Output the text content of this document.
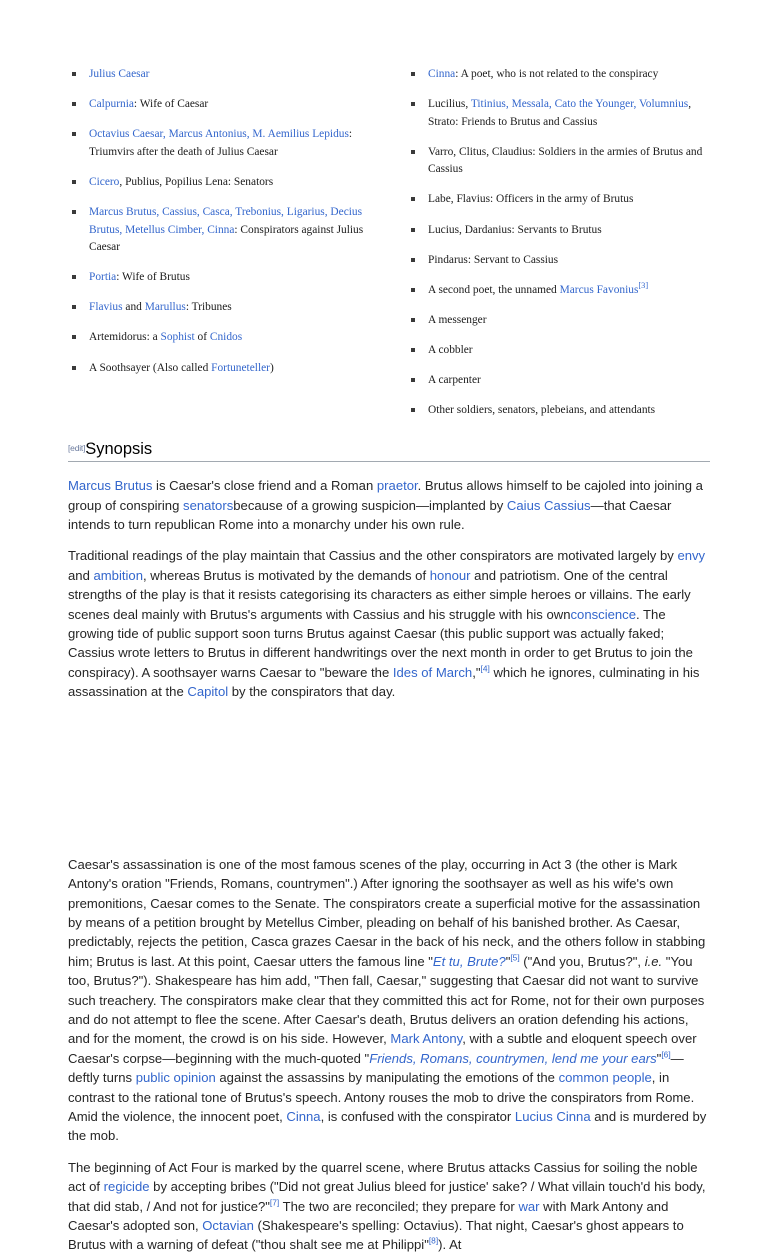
Julius Caesar
Calpurnia: Wife of Caesar
Octavius Caesar, Marcus Antonius, M. Aemilius Lepidus: Triumvirs after the death of Julius Caesar
Cicero, Publius, Popilius Lena: Senators
Marcus Brutus, Cassius, Casca, Trebonius, Ligarius, Decius Brutus, Metellus Cimber, Cinna: Conspirators against Julius Caesar
Portia: Wife of Brutus
Flavius and Marullus: Tribunes
Artemidorus: a Sophist of Cnidos
A Soothsayer (Also called Fortuneteller)
Cinna: A poet, who is not related to the conspiracy
Lucilius, Titinius, Messala, Cato the Younger, Volumnius, Strato: Friends to Brutus and Cassius
Varro, Clitus, Claudius: Soldiers in the armies of Brutus and Cassius
Labe, Flavius: Officers in the army of Brutus
Lucius, Dardanius: Servants to Brutus
Pindarus: Servant to Cassius
A second poet, the unnamed Marcus Favonius[3]
A messenger
A cobbler
A carpenter
Other soldiers, senators, plebeians, and attendants
[edit]Synopsis

Marcus Brutus is Caesar's close friend and a Roman praetor. Brutus allows himself to be cajoled into joining a group of conspiring senatorsbecause of a growing suspicion—implanted by Caius Cassius—that Caesar intends to turn republican Rome into a monarchy under his own rule.

Traditional readings of the play maintain that Cassius and the other conspirators are motivated largely by envy and ambition, whereas Brutus is motivated by the demands of honour and patriotism. One of the central strengths of the play is that it resists categorising its characters as either simple heroes or villains. The early scenes deal mainly with Brutus's arguments with Cassius and his struggle with his ownconscience. The growing tide of public support soon turns Brutus against Caesar (this public support was actually faked; Cassius wrote letters to Brutus in different handwritings over the next month in order to get Brutus to join the conspiracy). A soothsayer warns Caesar to "beware the Ides of March,"[4] which he ignores, culminating in his assassination at the Capitol by the conspirators that day.

Caesar's assassination is one of the most famous scenes of the play, occurring in Act 3 (the other is Mark Antony's oration "Friends, Romans, countrymen".) After ignoring the soothsayer as well as his wife's own premonitions, Caesar comes to the Senate. The conspirators create a superficial motive for the assassination by means of a petition brought by Metellus Cimber, pleading on behalf of his banished brother. As Caesar, predictably, rejects the petition, Casca grazes Caesar in the back of his neck, and the others follow in stabbing him; Brutus is last. At this point, Caesar utters the famous line "Et tu, Brute?"[5] ("And you, Brutus?", i.e. "You too, Brutus?"). Shakespeare has him add, "Then fall, Caesar," suggesting that Caesar did not want to survive such treachery. The conspirators make clear that they committed this act for Rome, not for their own purposes and do not attempt to flee the scene. After Caesar's death, Brutus delivers an oration defending his actions, and for the moment, the crowd is on his side. However, Mark Antony, with a subtle and eloquent speech over Caesar's corpse—beginning with the much-quoted "Friends, Romans, countrymen, lend me your ears"[6]—deftly turns public opinion against the assassins by manipulating the emotions of the common people, in contrast to the rational tone of Brutus's speech. Antony rouses the mob to drive the conspirators from Rome. Amid the violence, the innocent poet, Cinna, is confused with the conspirator Lucius Cinna and is murdered by the mob.

The beginning of Act Four is marked by the quarrel scene, where Brutus attacks Cassius for soiling the noble act of regicide by accepting bribes ("Did not great Julius bleed for justice' sake? / What villain touch'd his body, that did stab, / And not for justice?"[7] The two are reconciled; they prepare for war with Mark Antony and Caesar's adopted son, Octavian (Shakespeare's spelling: Octavius). That night, Caesar's ghost appears to Brutus with a warning of defeat ("thou shalt see me at Philippi"[8]). At
